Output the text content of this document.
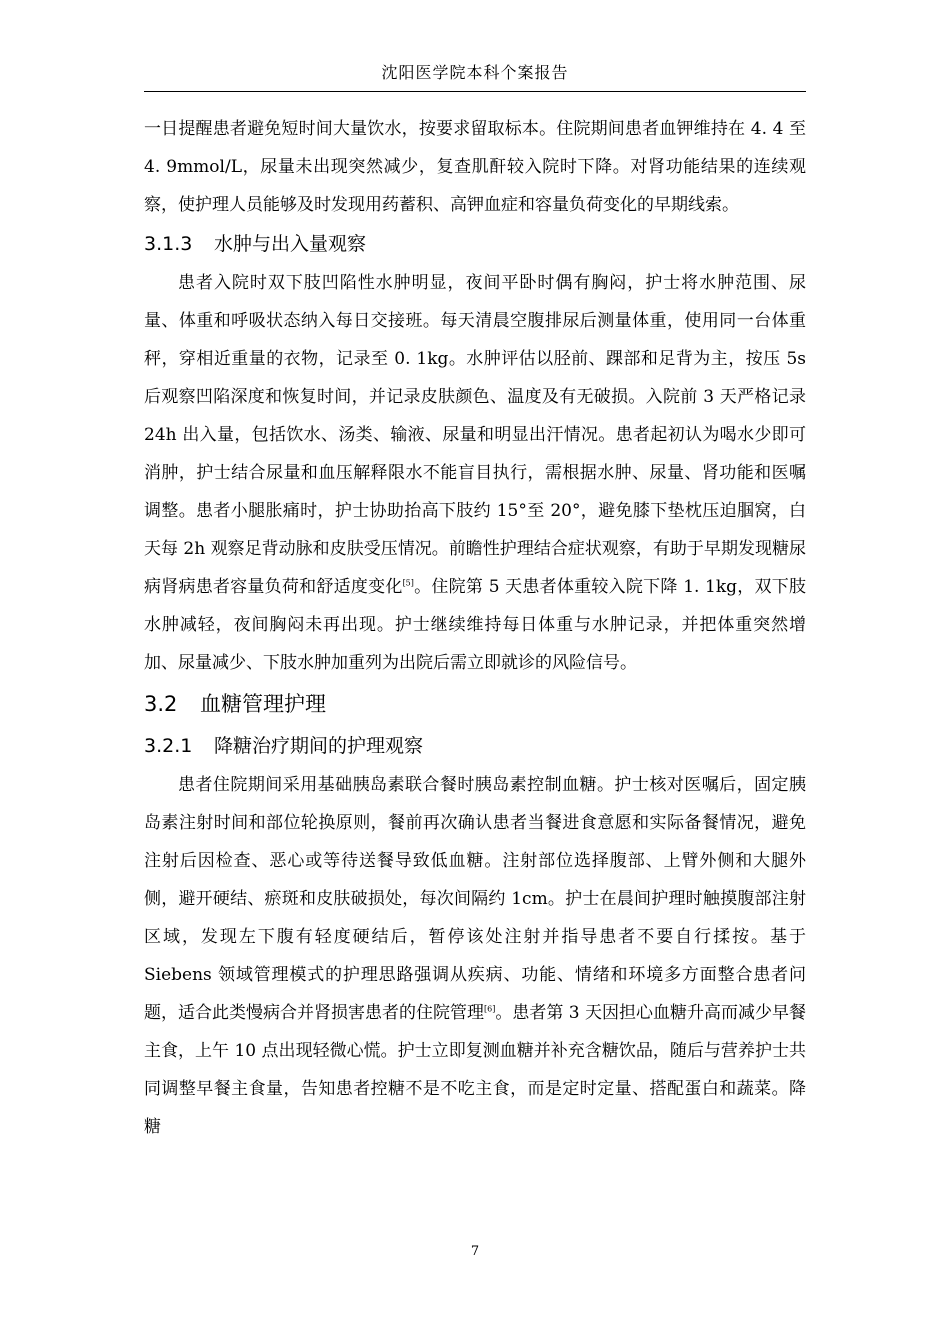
沈阳医学院本科个案报告

一日提醒患者避免短时间大量饮水，按要求留取标本。住院期间患者血钾维持在 4. 4 至 4. 9mmol/L，尿量未出现突然减少，复查肌酐较入院时下降。对肾功能结果的连续观察，使护理人员能够及时发现用药蓄积、高钾血症和容量负荷变化的早期线索。

3.1.3 水肿与出入量观察

患者入院时双下肢凹陷性水肿明显，夜间平卧时偶有胸闷，护士将水肿范围、尿量、体重和呼吸状态纳入每日交接班。每天清晨空腹排尿后测量体重，使用同一台体重秤，穿相近重量的衣物，记录至 0. 1kg。水肿评估以胫前、踝部和足背为主，按压 5s 后观察凹陷深度和恢复时间，并记录皮肤颜色、温度及有无破损。入院前 3 天严格记录 24h 出入量，包括饮水、汤类、输液、尿量和明显出汗情况。患者起初认为喝水少即可消肿，护士结合尿量和血压解释限水不能盲目执行，需根据水肿、尿量、肾功能和医嘱调整。患者小腿胀痛时，护士协助抬高下肢约 15°至 20°，避免膝下垫枕压迫腘窝，白天每 2h 观察足背动脉和皮肤受压情况。前瞻性护理结合症状观察，有助于早期发现糖尿病肾病患者容量负荷和舒适度变化[5]。住院第 5 天患者体重较入院下降 1. 1kg，双下肢水肿减轻，夜间胸闷未再出现。护士继续维持每日体重与水肿记录，并把体重突然增加、尿量减少、下肢水肿加重列为出院后需立即就诊的风险信号。

3.2 血糖管理护理
3.2.1 降糖治疗期间的护理观察

患者住院期间采用基础胰岛素联合餐时胰岛素控制血糖。护士核对医嘱后，固定胰岛素注射时间和部位轮换原则，餐前再次确认患者当餐进食意愿和实际备餐情况，避免注射后因检查、恶心或等待送餐导致低血糖。注射部位选择腹部、上臂外侧和大腿外侧，避开硬结、瘀斑和皮肤破损处，每次间隔约 1cm。护士在晨间护理时触摸腹部注射区域，发现左下腹有轻度硬结后，暂停该处注射并指导患者不要自行揉按。基于 Siebens 领域管理模式的护理思路强调从疾病、功能、情绪和环境多方面整合患者问题，适合此类慢病合并肾损害患者的住院管理[6]。患者第 3 天因担心血糖升高而减少早餐主食，上午 10 点出现轻微心慌。护士立即复测血糖并补充含糖饮品，随后与营养护士共同调整早餐主食量，告知患者控糖不是不吃主食，而是定时定量、搭配蛋白和蔬菜。降糖

7
